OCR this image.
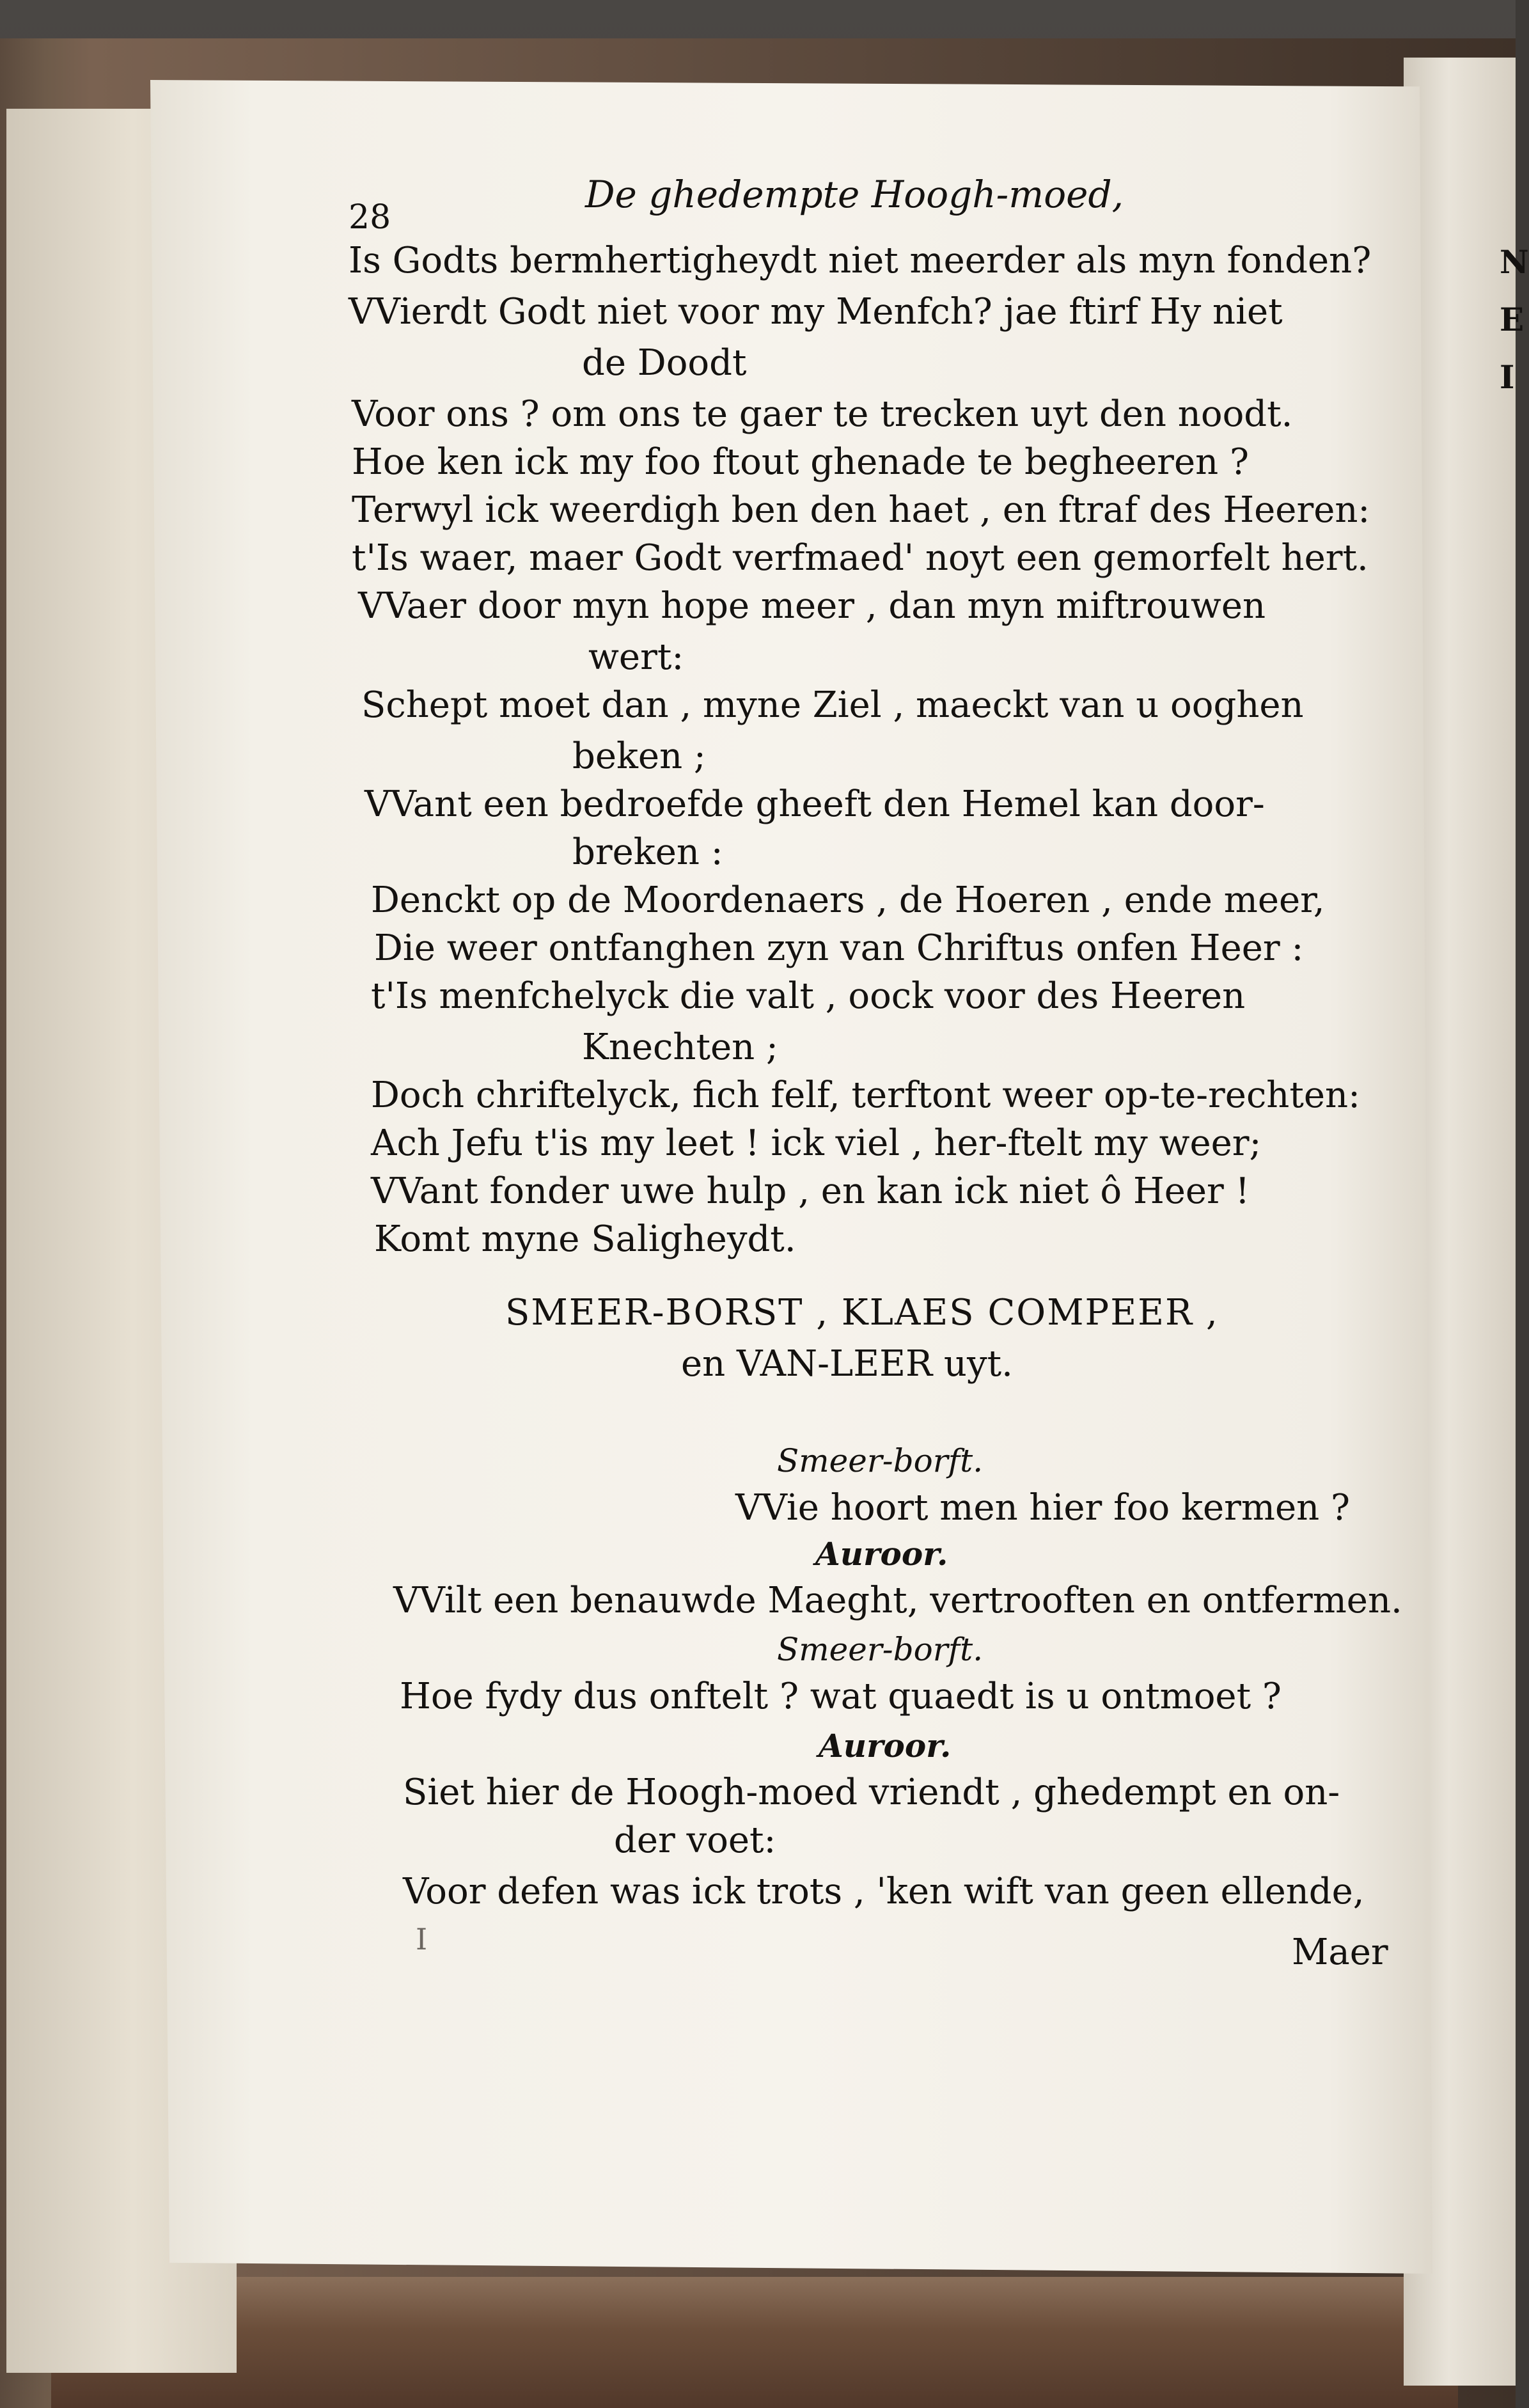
N
E
I
28
De ghedempte Hoogh-moed,
Is Godts bermhertigheydt niet meerder als myn fonden?
VVierdt Godt niet voor my Menfch? jae ftirf Hy niet
de Doodt
Voor ons ? om ons te gaer te trecken uyt den noodt.
Hoe ken ick my foo ftout ghenade te begheeren ?
Terwyl ick weerdigh ben den haet , en ftraf des Heeren:
t'Is waer, maer Godt verfmaed' noyt een gemorfelt hert.
VVaer door myn hope meer , dan myn miftrouwen
wert:
Schept moet dan , myne Ziel , maeckt van u ooghen
beken ;
VVant een bedroefde gheeft den Hemel kan door-
breken :
Denckt op de Moordenaers , de Hoeren , ende meer,
Die weer ontfanghen zyn van Chriftus onfen Heer :
t'Is menfchelyck die valt , oock voor des Heeren
Knechten ;
Doch chriftelyck, fich felf, terftont weer op-te-rechten:
Ach Jefu t'is my leet ! ick viel , her-ftelt my weer;
VVant fonder uwe hulp , en kan ick niet ô Heer !
Komt myne Saligheydt.
SMEER-BORST , KLAES COMPEER ,
en VAN-LEER uyt.
Smeer-borft.
VVie hoort men hier foo kermen ?
Auroor.
VVilt een benauwde Maeght, vertrooften en ontfermen.
Smeer-borft.
Hoe fydy dus onftelt ? wat quaedt is u ontmoet ?
Auroor.
Siet hier de Hoogh-moed vriendt , ghedempt en on-
der voet:
Voor defen was ick trots , 'ken wift van geen ellende,
I	Maer
